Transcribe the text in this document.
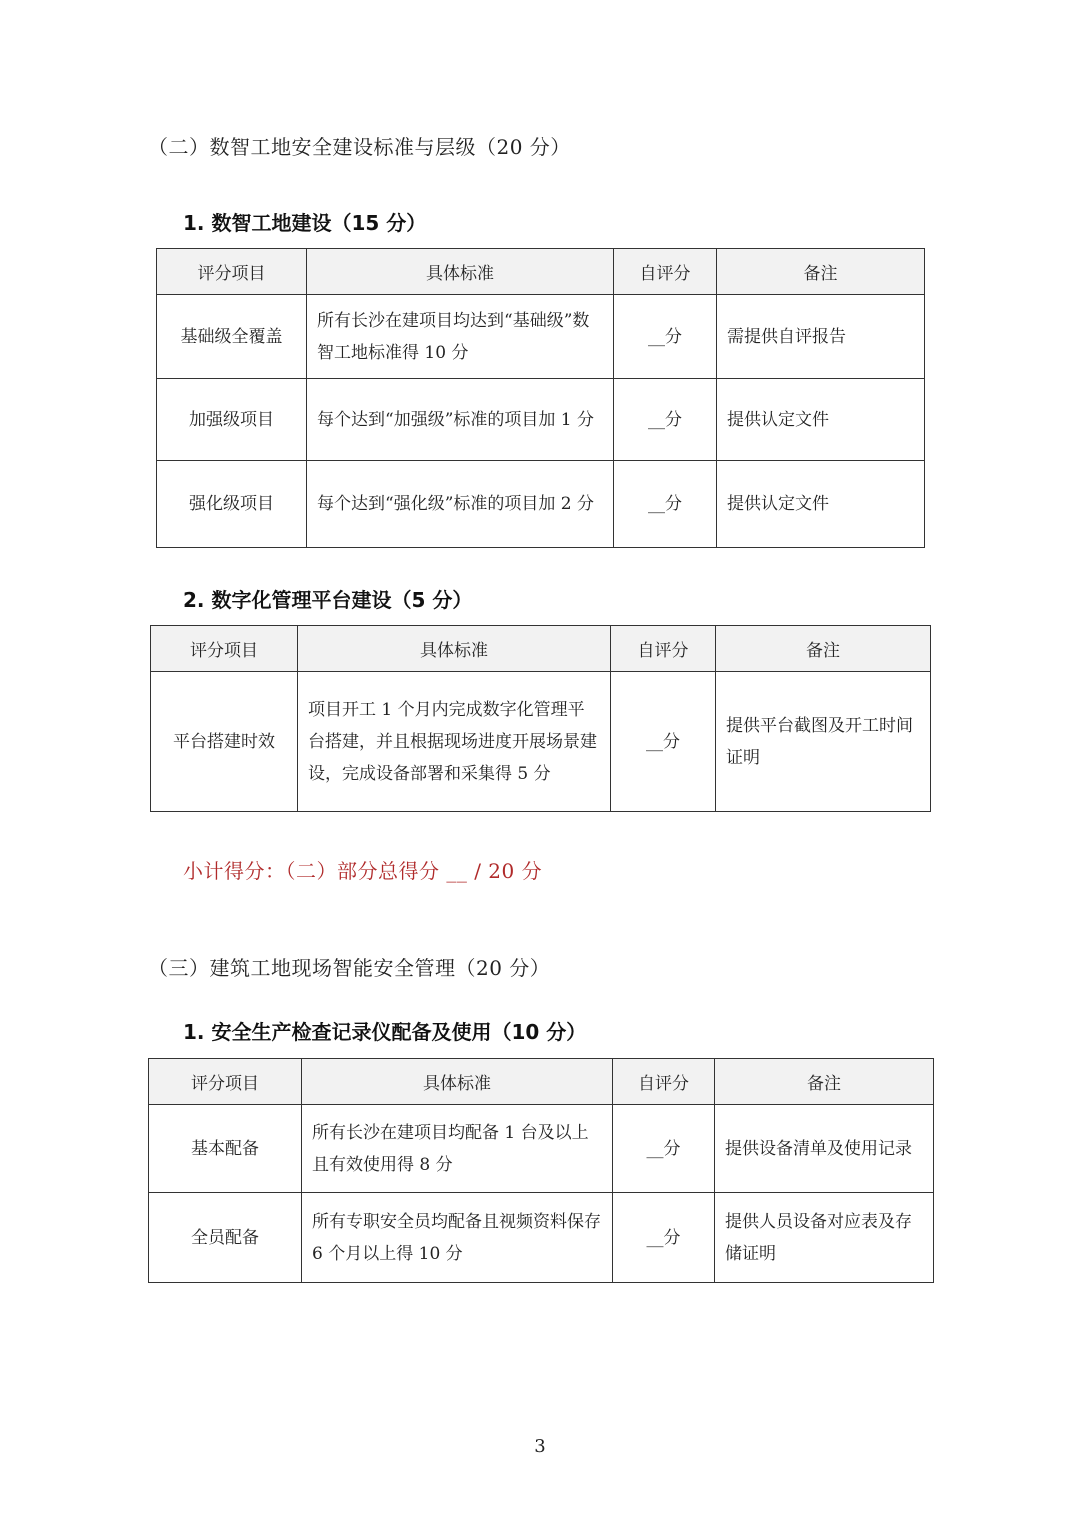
（二）数智工地安全建设标准与层级（20 分）
1. 数智工地建设（15 分）
评分项目	具体标准	自评分	备注
基础级全覆盖	所有长沙在建项目均达到“基础级”数智工地标准得 10 分	__分	需提供自评报告
加强级项目	每个达到“加强级”标准的项目加 1 分	__分	提供认定文件
强化级项目	每个达到“强化级”标准的项目加 2 分	__分	提供认定文件
2. 数字化管理平台建设（5 分）
评分项目	具体标准	自评分	备注
平台搭建时效	项目开工 1 个月内完成数字化管理平台搭建，并且根据现场进度开展场景建设，完成设备部署和采集得 5 分	__分	提供平台截图及开工时间证明
小计得分：（二）部分总得分 __ / 20 分
（三）建筑工地现场智能安全管理（20 分）
1. 安全生产检查记录仪配备及使用（10 分）
评分项目	具体标准	自评分	备注
基本配备	所有长沙在建项目均配备 1 台及以上且有效使用得 8 分	__分	提供设备清单及使用记录
全员配备	所有专职安全员均配备且视频资料保存 6 个月以上得 10 分	__分	提供人员设备对应表及存储证明
3
